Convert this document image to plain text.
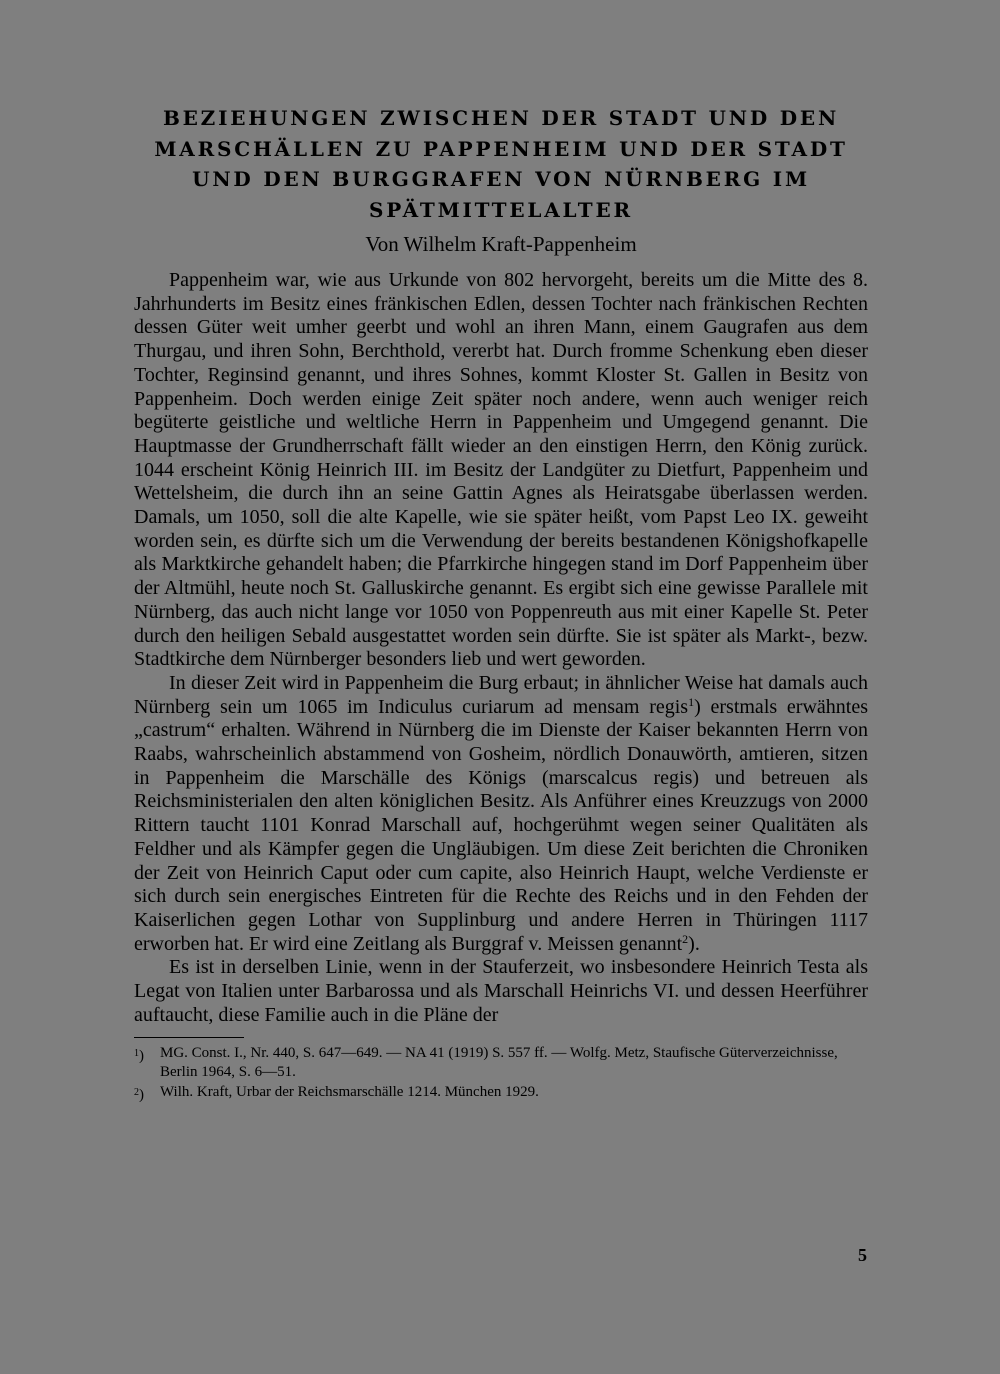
BEZIEHUNGEN ZWISCHEN DER STADT UND DEN
MARSCHÄLLEN ZU PAPPENHEIM UND DER STADT
UND DEN BURGGRAFEN VON NÜRNBERG IM
SPÄTMITTELALTER
Von Wilhelm Kraft-Pappenheim

Pappenheim war, wie aus Urkunde von 802 hervorgeht, bereits um die Mitte des 8. Jahrhunderts im Besitz eines fränkischen Edlen, dessen Tochter nach fränkischen Rechten dessen Güter weit umher geerbt und wohl an ihren Mann, einem Gaugrafen aus dem Thurgau, und ihren Sohn, Berchthold, vererbt hat. Durch fromme Schenkung eben dieser Tochter, Reginsind genannt, und ihres Sohnes, kommt Kloster St. Gallen in Besitz von Pappenheim. Doch werden einige Zeit später noch andere, wenn auch weniger reich begüterte geistliche und weltliche Herrn in Pappenheim und Umgegend genannt. Die Hauptmasse der Grundherrschaft fällt wieder an den einstigen Herrn, den König zurück. 1044 erscheint König Heinrich III. im Besitz der Landgüter zu Dietfurt, Pappenheim und Wettelsheim, die durch ihn an seine Gattin Agnes als Heiratsgabe überlassen werden. Damals, um 1050, soll die alte Kapelle, wie sie später heißt, vom Papst Leo IX. geweiht worden sein, es dürfte sich um die Verwendung der bereits bestandenen Königshofkapelle als Marktkirche gehandelt haben; die Pfarrkirche hingegen stand im Dorf Pappenheim über der Altmühl, heute noch St. Galluskirche genannt. Es ergibt sich eine gewisse Parallele mit Nürnberg, das auch nicht lange vor 1050 von Poppenreuth aus mit einer Kapelle St. Peter durch den heiligen Sebald ausgestattet worden sein dürfte. Sie ist später als Markt-, bezw. Stadtkirche dem Nürnberger besonders lieb und wert geworden.

In dieser Zeit wird in Pappenheim die Burg erbaut; in ähnlicher Weise hat damals auch Nürnberg sein um 1065 im Indiculus curiarum ad mensam regis$^1$) erstmals erwähntes „castrum“ erhalten. Während in Nürnberg die im Dienste der Kaiser bekannten Herrn von Raabs, wahrscheinlich abstammend von Gosheim, nördlich Donauwörth, amtieren, sitzen in Pappenheim die Marschälle des Königs (marscalcus regis) und betreuen als Reichsministerialen den alten königlichen Besitz. Als Anführer eines Kreuzzugs von 2000 Rittern taucht 1101 Konrad Marschall auf, hochgerühmt wegen seiner Qualitäten als Feldher und als Kämpfer gegen die Ungläubigen. Um diese Zeit berichten die Chroniken der Zeit von Heinrich Caput oder cum capite, also Heinrich Haupt, welche Verdienste er sich durch sein energisches Eintreten für die Rechte des Reichs und in den Fehden der Kaiserlichen gegen Lothar von Supplinburg und andere Herren in Thüringen 1117 erworben hat. Er wird eine Zeitlang als Burggraf v. Meissen genannt$^2$).

Es ist in derselben Linie, wenn in der Stauferzeit, wo insbesondere Heinrich Testa als Legat von Italien unter Barbarossa und als Marschall Heinrichs VI. und dessen Heerführer auftaucht, diese Familie auch in die Pläne der

$^1$)	MG. Const. I., Nr. 440, S. 647—649. — NA 41 (1919) S. 557 ff. — Wolfg. Metz, Staufische Güterverzeichnisse, Berlin 1964, S. 6—51.
$^2$)	Wilh. Kraft, Urbar der Reichsmarschälle 1214. München 1929.
5
